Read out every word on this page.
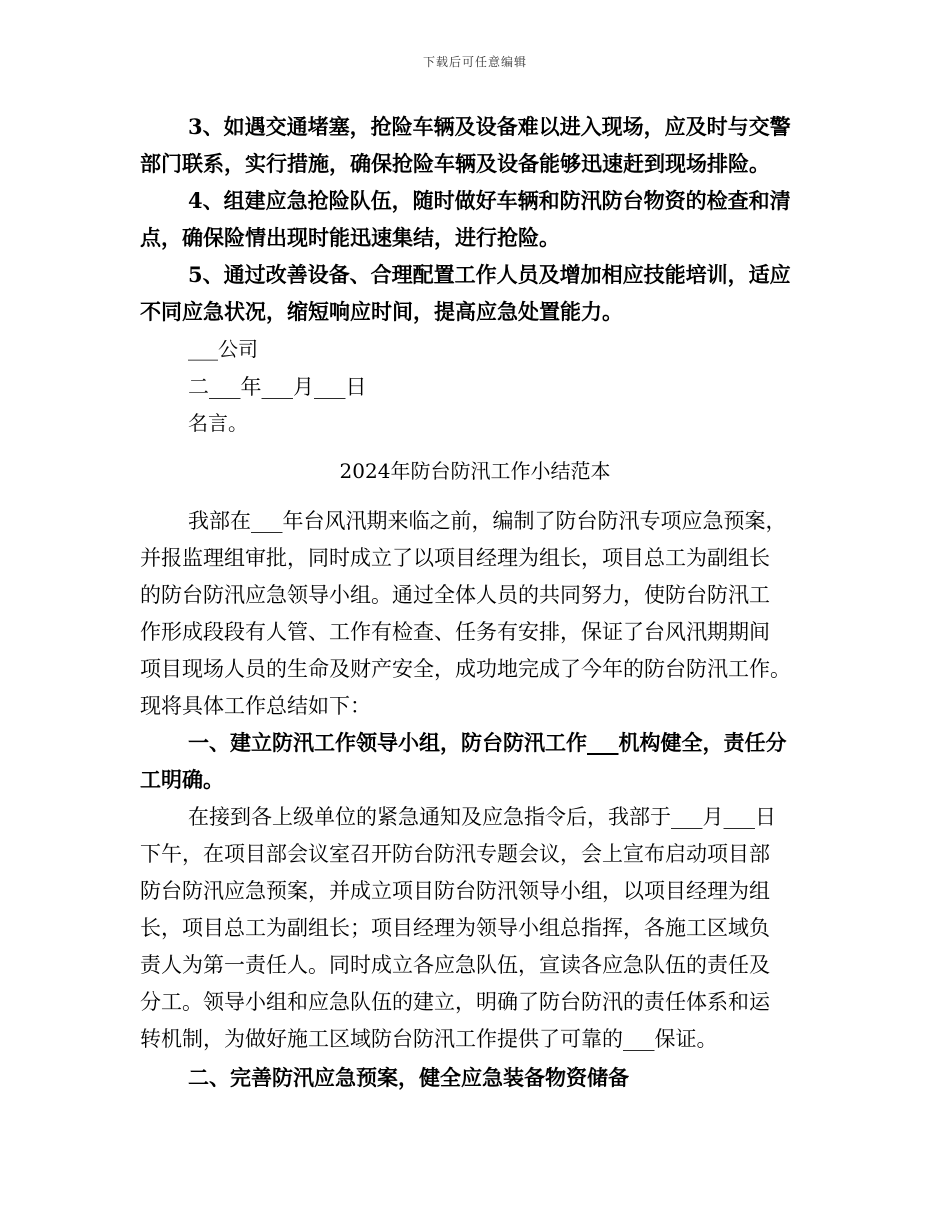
下载后可任意编辑
3、如遇交通堵塞，抢险车辆及设备难以进入现场，应及时与交警
部门联系，实行措施，确保抢险车辆及设备能够迅速赶到现场排险。
4、组建应急抢险队伍，随时做好车辆和防汛防台物资的检查和清
点，确保险情出现时能迅速集结，进行抢险。
5、通过改善设备、合理配置工作人员及增加相应技能培训，适应
不同应急状况，缩短响应时间，提高应急处置能力。
___公司
二___年___月___日
名言。
2024年防台防汛工作小结范本
我部在___年台风汛期来临之前，编制了防台防汛专项应急预案，
并报监理组审批，同时成立了以项目经理为组长，项目总工为副组长
的防台防汛应急领导小组。通过全体人员的共同努力，使防台防汛工
作形成段段有人管、工作有检查、任务有安排，保证了台风汛期期间
项目现场人员的生命及财产安全，成功地完成了今年的防台防汛工作。
现将具体工作总结如下：
一、建立防汛工作领导小组，防台防汛工作___机构健全，责任分
工明确。
在接到各上级单位的紧急通知及应急指令后，我部于___月___日
下午，在项目部会议室召开防台防汛专题会议，会上宣布启动项目部
防台防汛应急预案，并成立项目防台防汛领导小组，以项目经理为组
长，项目总工为副组长；项目经理为领导小组总指挥，各施工区域负
责人为第一责任人。同时成立各应急队伍，宣读各应急队伍的责任及
分工。领导小组和应急队伍的建立，明确了防台防汛的责任体系和运
转机制，为做好施工区域防台防汛工作提供了可靠的___保证。
二、完善防汛应急预案，健全应急装备物资储备
